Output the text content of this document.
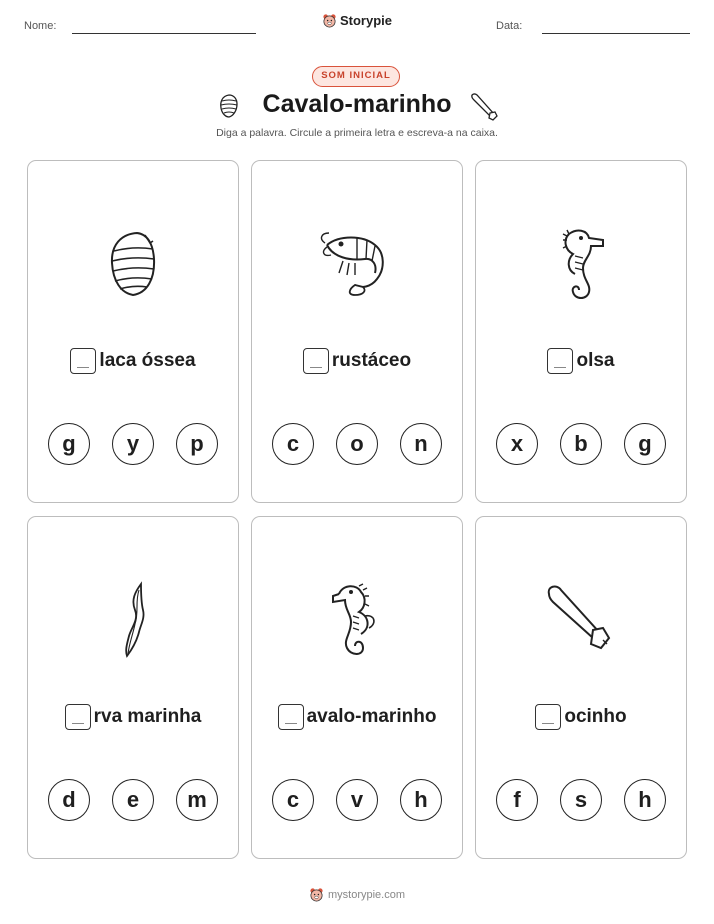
Nome:	Storypie	Data:
SOM INICIAL
Cavalo-marinho
Diga a palavra. Circule a primeira letra e escreva-a na caixa.
laca óssea
g	y	p
rustáceo
c	o	n
olsa
x	b	g
rva marinha
d	e	m
avalo-marinho
c	v	h
ocinho
f	s	h
mystorypie.com
